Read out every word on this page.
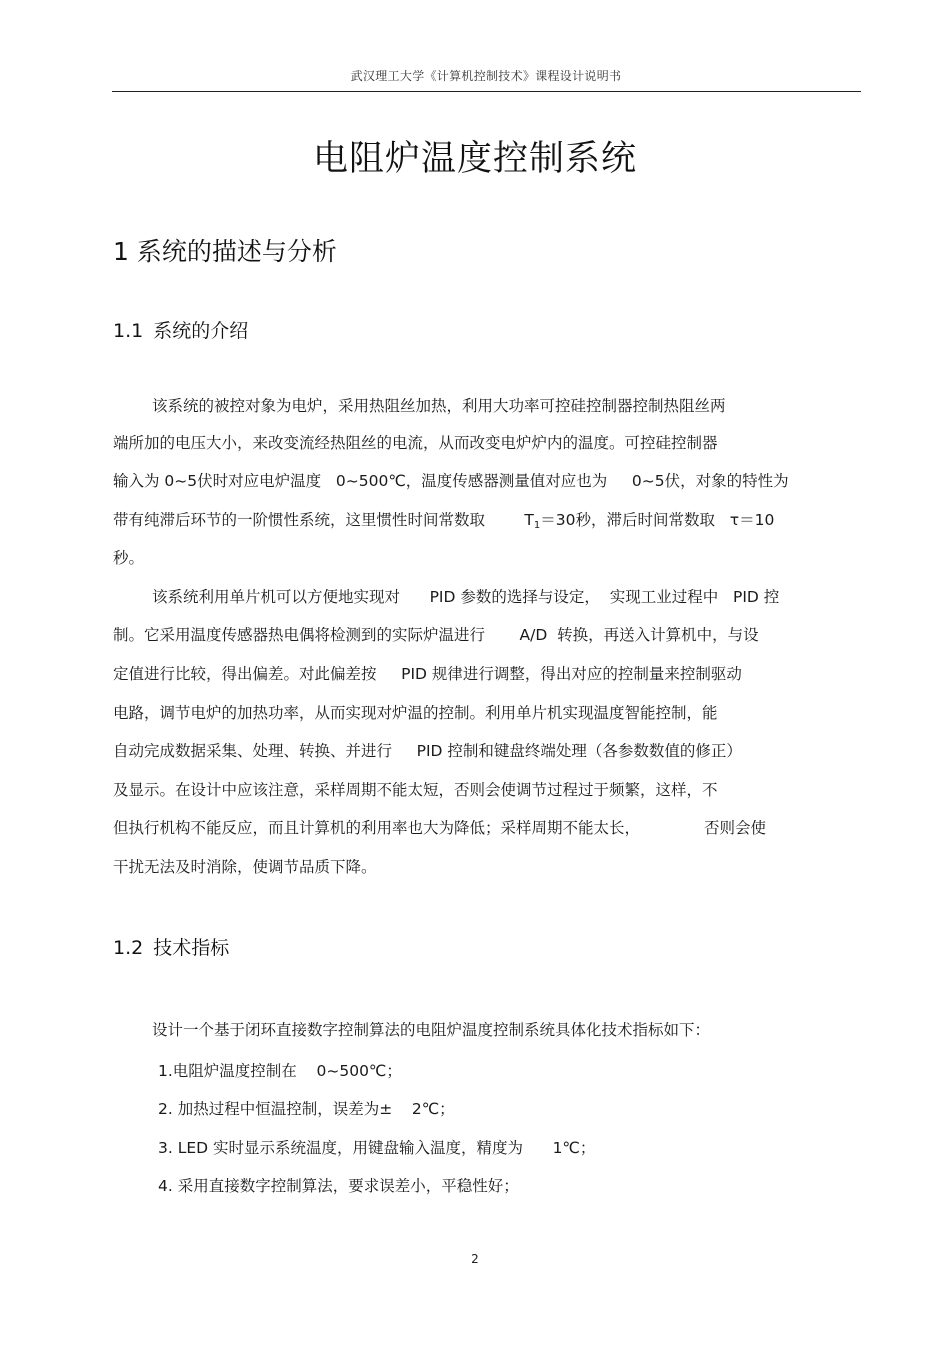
武汉理工大学《计算机控制技术》课程设计说明书
电阻炉温度控制系统
1 系统的描述与分析
1.1 系统的介绍
该系统的被控对象为电炉，采用热阻丝加热，利用大功率可控硅控制器控制热阻丝两
端所加的电压大小，来改变流经热阻丝的电流，从而改变电炉炉内的温度。可控硅控制器
输入为 0~5伏时对应电炉温度   0~500℃，温度传感器测量值对应也为     0~5伏，对象的特性为
带有纯滞后环节的一阶惯性系统，这里惯性时间常数取        $T_1=30$秒，滞后时间常数取   τ＝10
秒。
该系统利用单片机可以方便地实现对      PID 参数的选择与设定，  实现工业过程中   PID 控
制。它采用温度传感器热电偶将检测到的实际炉温进行       A/D  转换，再送入计算机中，与设
定值进行比较，得出偏差。对此偏差按     PID 规律进行调整，得出对应的控制量来控制驱动
电路，调节电炉的加热功率，从而实现对炉温的控制。利用单片机实现温度智能控制，能
自动完成数据采集、处理、转换、并进行     PID 控制和键盘终端处理（各参数数值的修正）
及显示。在设计中应该注意，采样周期不能太短，否则会使调节过程过于频繁，这样，不
但执行机构不能反应，而且计算机的利用率也大为降低；采样周期不能太长，             否则会使
干扰无法及时消除，使调节品质下降。
1.2 技术指标
设计一个基于闭环直接数字控制算法的电阻炉温度控制系统具体化技术指标如下：
1.电阻炉温度控制在    0~500℃；
2. 加热过程中恒温控制，误差为±    2℃；
3. LED 实时显示系统温度，用键盘输入温度，精度为      1℃；
4. 采用直接数字控制算法，要求误差小，平稳性好；
2
